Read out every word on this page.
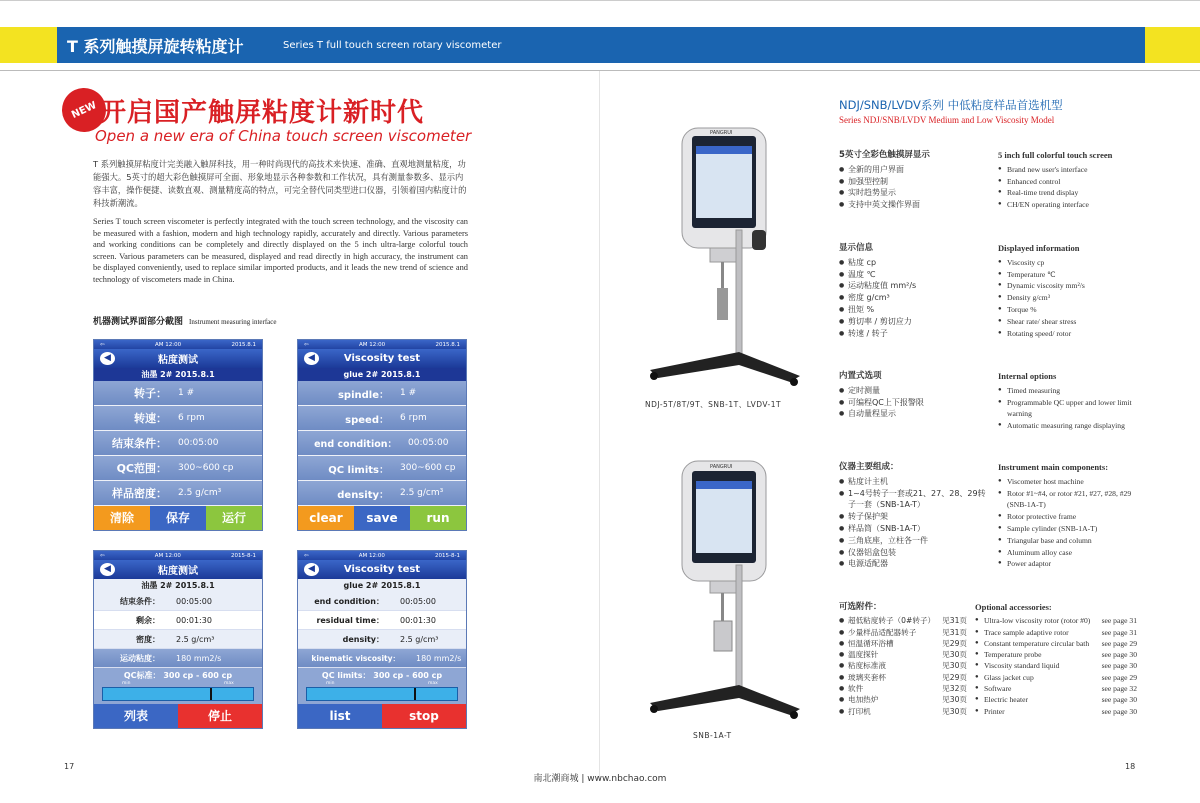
T 系列触摸屏旋转粘度计	Series T full touch screen rotary viscometer
NEW 开启国产触屏粘度计新时代
Open a new era of China touch screen viscometer
T 系列触摸屏粘度计完美融入触屏科技，用一种时尚现代的高技术来快速、准确、直观地测量粘度，功能强大。5英寸的超大彩色触摸屏可全面、形象地显示各种参数和工作状况，具有测量参数多、显示内容丰富，操作便捷、读数直观、测量精度高的特点，可完全替代同类型进口仪器，引领着国内粘度计的科技新潮流。
Series T touch screen viscometer is perfectly integrated with the touch screen technology, and the viscosity can be measured with a fashion, modern and high technology rapidly, accurately and directly. Various parameters and working conditions can be completely and directly displayed on the 5 inch ultra-large colorful touch screen. Various parameters can be measured, displayed and read directly in high accuracy, the instrument can be displayed conveniently, used to replace similar imported products, and it leads the new trend of science and technology of viscometers made in China.
机器测试界面部分截图 Instrument measuring interface
⇦	AM 12:00	2015.8.1
◀	粘度测试
油墨 2# 2015.8.1
转子：	1 #
转速：	6 rpm
结束条件：	00:05:00
QC范围：	300~600 cp
样品密度：	2.5 g/cm³
清除	保存	运行
⇦	AM 12:00	2015.8.1
◀	Viscosity test
glue 2# 2015.8.1
spindle：	1 #
speed：	6 rpm
end condition：	00:05:00
QC limits：	300~600 cp
density：	2.5 g/cm³
clear	save	run
⇦	AM 12:00	2015-8-1
◀	粘度测试
油墨 2# 2015.8.1
结束条件：	00:05:00
剩余：	00:01:30
密度：	2.5 g/cm³
运动粘度：	180 mm2/s
QC标准： 300 cp - 600 cp
min	max
列表	停止
⇦	AM 12:00	2015-8-1
◀	Viscosity test
glue 2# 2015.8.1
end condition：	00:05:00
residual time：	00:01:30
density：	2.5 g/cm³
kinematic viscosity：	180 mm2/s
QC limits： 300 cp - 600 cp
min	max
list	stop
17
NDJ/SNB/LVDV系列 中低粘度样品首选机型
Series NDJ/SNB/LVDV Medium and Low Viscosity Model
PANGRUI
NDJ-5T/8T/9T、SNB-1T、LVDV-1T
PANGRUI
SNB-1A-T
5英寸全彩色触摸屏显示
● 全新的用户界面
● 加强型控制
● 实时趋势显示
● 支持中英文操作界面
5 inch full colorful touch screen
● Brand new user's interface
● Enhanced control
● Real-time trend display
● CH/EN operating interface
显示信息
● 粘度 cp
● 温度 ℃
● 运动粘度值 mm²/s
● 密度 g/cm³
● 扭矩 %
● 剪切率 / 剪切应力
● 转速 / 转子
Displayed information
● Viscosity cp
● Temperature ℃
● Dynamic viscosity mm²/s
● Density g/cm³
● Torque %
● Shear rate/ shear stress
● Rotating speed/ rotor
内置式选项
● 定时测量
● 可编程QC上下报警限
● 自动量程显示
Internal options
● Timed measuring
● Programmable QC upper and lower limit warning
● Automatic measuring range displaying
仪器主要组成：
● 粘度计主机
● 1~4号转子一套或21、27、28、29转子一套（SNB-1A-T）
● 转子保护架
● 样品筒（SNB-1A-T）
● 三角底座，立柱各一件
● 仪器铝盒包装
● 电源适配器
Instrument main components:
● Viscometer host machine
● Rotor #1~#4, or rotor #21, #27, #28, #29 (SNB-1A-T)
● Rotor protective frame
● Sample cylinder (SNB-1A-T)
● Triangular base and column
● Aluminum alloy case
● Power adaptor
可选附件：
● 超低粘度转子（0#转子） 见31页
● 少量样品适配器转子	见31页
● 恒温循环浴槽	见29页
● 温度探针	见30页
● 粘度标准液	见30页
● 玻璃夹套杯	见29页
● 软件	见32页
● 电加热炉	见30页
● 打印机	见30页
Optional accessories:
● Ultra-low viscosity rotor (rotor #0)	see page 31
● Trace sample adaptive rotor	see page 31
● Constant temperature circular bath	see page 29
● Temperature probe	see page 30
● Viscosity standard liquid	see page 30
● Glass jacket cup	see page 29
● Software	see page 32
● Electric heater	see page 30
● Printer	see page 30
18
南北潮商城 | www.nbchao.com
